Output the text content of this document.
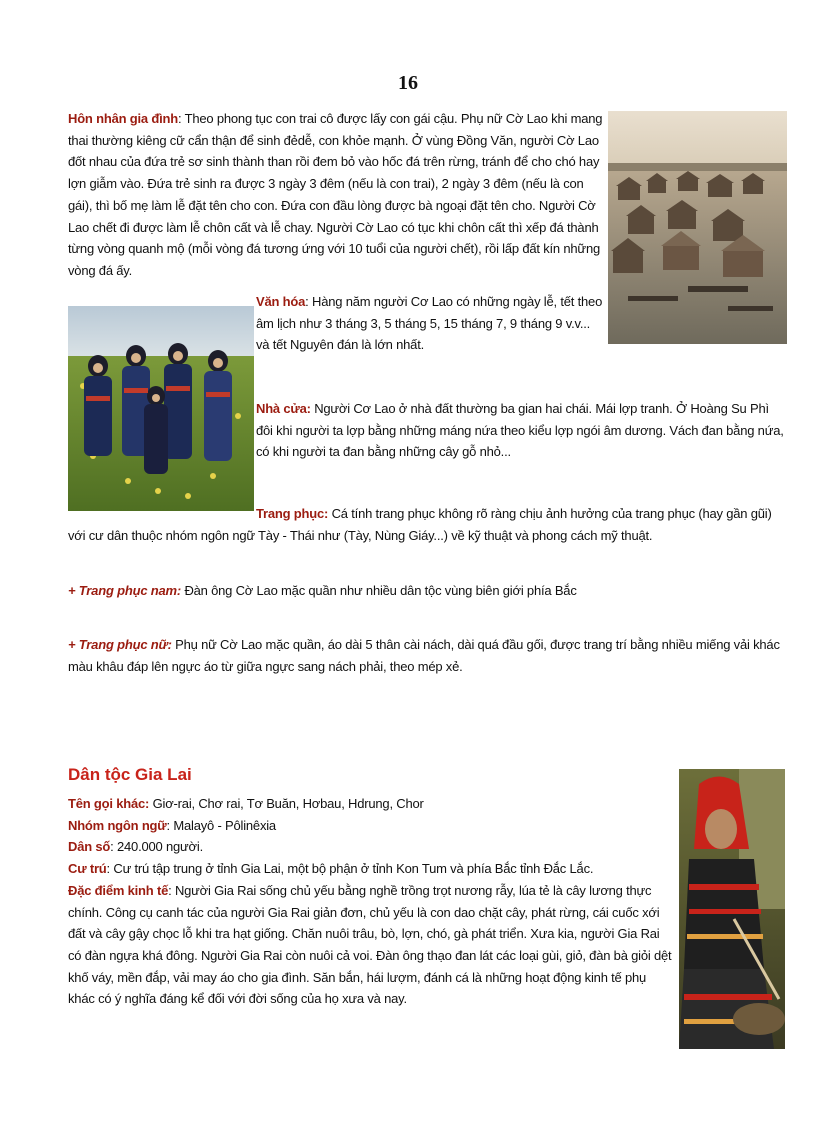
16
Hôn nhân gia đình: Theo phong tục con trai cô được lấy con gái cậu. Phụ nữ Cờ Lao khi mang thai thường kiêng cữ cẩn thận để sinh đẻdễ, con khỏe mạnh. Ở vùng Đồng Văn, người Cờ Lao đốt nhau của đứa trẻ sơ sinh thành than rồi đem bỏ vào hốc đá trên rừng, tránh để cho chó hay lợn giẫm vào. Đứa trẻ sinh ra được 3 ngày 3 đêm (nếu là con trai), 2 ngày 3 đêm (nếu là con gái), thì bố mẹ làm lễ đặt tên cho con. Đứa con đầu lòng được bà ngoại đặt tên cho. Người Cờ Lao chết đi được làm lễ chôn cất và lễ chay. Người Cờ Lao có tục khi chôn cất thì xếp đá thành từng vòng quanh mộ (mỗi vòng đá tương ứng với 10 tuổi của người chết), rồi lấp đất kín những vòng đá ấy.
Văn hóa: Hàng năm người Cơ Lao có những ngày lễ, tết theo âm lịch như 3 tháng 3, 5 tháng 5, 15 tháng 7, 9 tháng 9 v.v... và tết Nguyên đán là lớn nhất.
Nhà cửa: Người Cơ Lao ở nhà đất thường ba gian hai chái. Mái lợp tranh. Ở Hoàng Su Phì đôi khi người ta lợp bằng những máng nứa theo kiểu lợp ngói âm dương. Vách đan bằng nứa, có khi người ta đan bằng những cây gỗ nhỏ...
Trang phục: Cá tính trang phục không rõ ràng chịu ảnh hưởng của trang phục (hay gần gũi) với cư dân thuộc nhóm ngôn ngữ Tày - Thái như (Tày, Nùng Giáy...) về kỹ thuật và phong cách mỹ thuật.
+ Trang phục nam: Đàn ông Cờ Lao mặc quần như nhiều dân tộc vùng biên giới phía Bắc
+ Trang phục nữ: Phụ nữ Cờ Lao mặc quần, áo dài 5 thân cài nách, dài quá đầu gối, được trang trí bằng nhiều miếng vải khác màu khâu đáp lên ngực áo từ giữa ngực sang nách phải, theo mép xẻ.
Dân tộc Gia Lai
Tên gọi khác: Giơ-rai, Chơ rai, Tơ Buăn, Hơbau, Hdrung, Chor
Nhóm ngôn ngữ: Malayô - Pôlinêxia
Dân số: 240.000 người.
Cư trú: Cư trú tập trung ở tỉnh Gia Lai, một bộ phận ở tỉnh Kon Tum và phía Bắc tỉnh Đắc Lắc.
Đặc điểm kinh tế: Người Gia Rai sống chủ yếu bằng nghề trồng trọt nương rẫy, lúa tẻ là cây lương thực chính. Công cụ canh tác của người Gia Rai giản đơn, chủ yếu là con dao chặt cây, phát rừng, cái cuốc xới đất và cây gậy chọc lỗ khi tra hạt giống. Chăn nuôi trâu, bò, lợn, chó, gà phát triển. Xưa kia, người Gia Rai có đàn ngựa khá đông. Người Gia Rai còn nuôi cả voi. Đàn ông thạo đan lát các loại gùi, giỏ, đàn bà giỏi dệt khố váy, mền đắp, vải may áo cho gia đình. Săn bắn, hái lượm, đánh cá là những hoạt động kinh tế phụ khác có ý nghĩa đáng kể đối với đời sống của họ xưa và nay.
